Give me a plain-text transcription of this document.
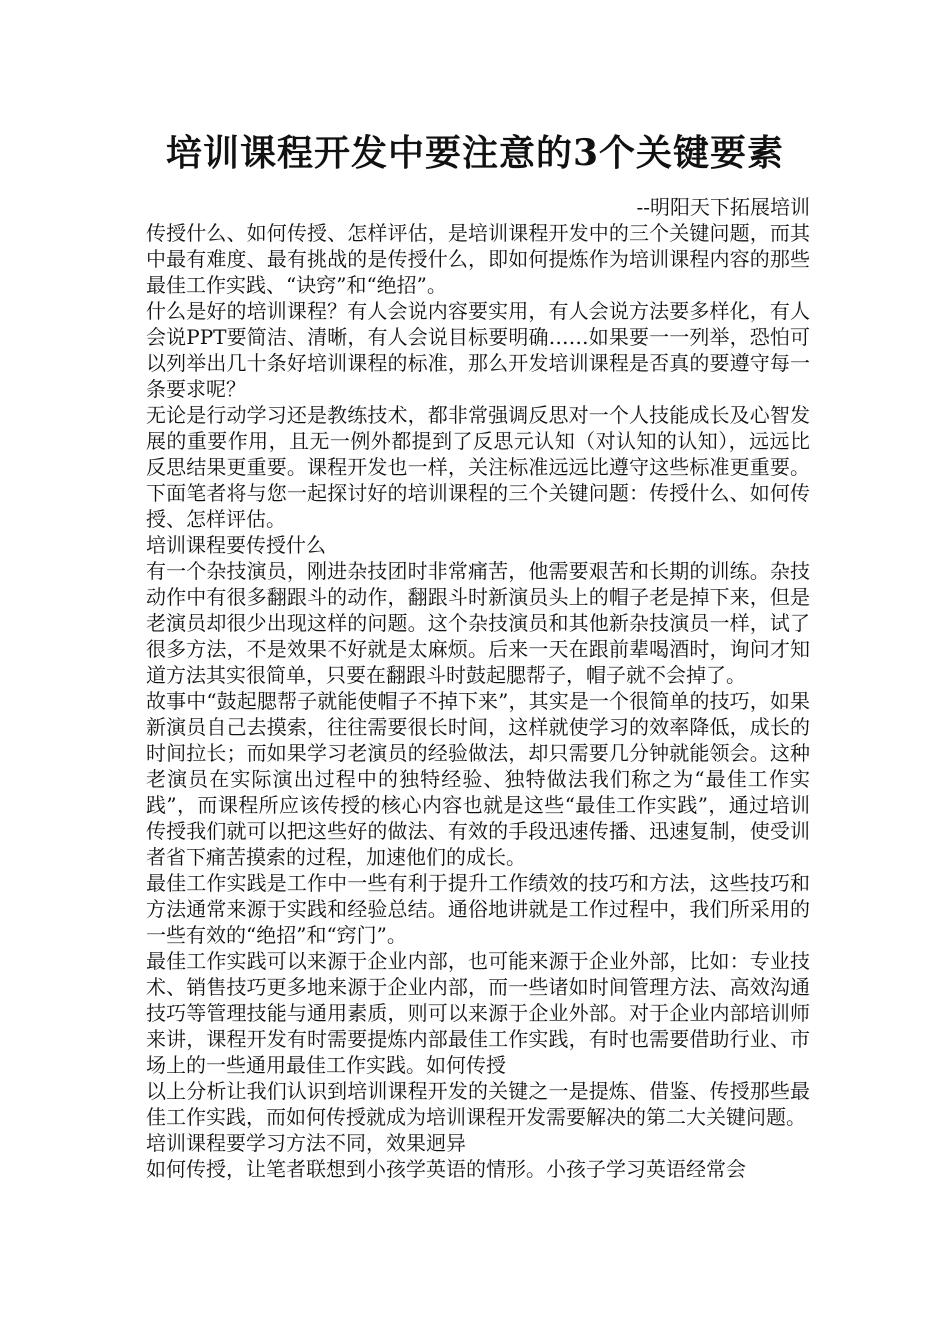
培训课程开发中要注意的3个关键要素
--明阳天下拓展培训

传授什么、如何传授、怎样评估，是培训课程开发中的三个关键问题，而其中最有难度、最有挑战的是传授什么，即如何提炼作为培训课程内容的那些最佳工作实践、“诀窍”和“绝招”。

什么是好的培训课程？有人会说内容要实用，有人会说方法要多样化，有人会说PPT要简洁、清晰，有人会说目标要明确……如果要一一列举，恐怕可以列举出几十条好培训课程的标准，那么开发培训课程是否真的要遵守每一条要求呢？

无论是行动学习还是教练技术，都非常强调反思对一个人技能成长及心智发展的重要作用，且无一例外都提到了反思元认知（对认知的认知），远远比反思结果更重要。课程开发也一样，关注标准远远比遵守这些标准更重要。 下面笔者将与您一起探讨好的培训课程的三个关键问题：传授什么、如何传授、怎样评估。

培训课程要传授什么

有一个杂技演员，刚进杂技团时非常痛苦，他需要艰苦和长期的训练。杂技动作中有很多翻跟斗的动作，翻跟斗时新演员头上的帽子老是掉下来，但是老演员却很少出现这样的问题。这个杂技演员和其他新杂技演员一样，试了很多方法，不是效果不好就是太麻烦。后来一天在跟前辈喝酒时，询问才知道方法其实很简单，只要在翻跟斗时鼓起腮帮子，帽子就不会掉了。

故事中“鼓起腮帮子就能使帽子不掉下来”，其实是一个很简单的技巧，如果新演员自己去摸索，往往需要很长时间，这样就使学习的效率降低，成长的时间拉长；而如果学习老演员的经验做法，却只需要几分钟就能领会。这种老演员在实际演出过程中的独特经验、独特做法我们称之为“最佳工作实践”，而课程所应该传授的核心内容也就是这些“最佳工作实践”，通过培训传授我们就可以把这些好的做法、有效的手段迅速传播、迅速复制，使受训者省下痛苦摸索的过程，加速他们的成长。

最佳工作实践是工作中一些有利于提升工作绩效的技巧和方法，这些技巧和方法通常来源于实践和经验总结。通俗地讲就是工作过程中，我们所采用的一些有效的“绝招”和“窍门”。

最佳工作实践可以来源于企业内部，也可能来源于企业外部，比如：专业技术、销售技巧更多地来源于企业内部，而一些诸如时间管理方法、高效沟通技巧等管理技能与通用素质，则可以来源于企业外部。对于企业内部培训师来讲，课程开发有时需要提炼内部最佳工作实践，有时也需要借助行业、市场上的一些通用最佳工作实践。如何传授

以上分析让我们认识到培训课程开发的关键之一是提炼、借鉴、传授那些最佳工作实践，而如何传授就成为培训课程开发需要解决的第二大关键问题。

培训课程要学习方法不同，效果迥异

如何传授，让笔者联想到小孩学英语的情形。小孩子学习英语经常会
